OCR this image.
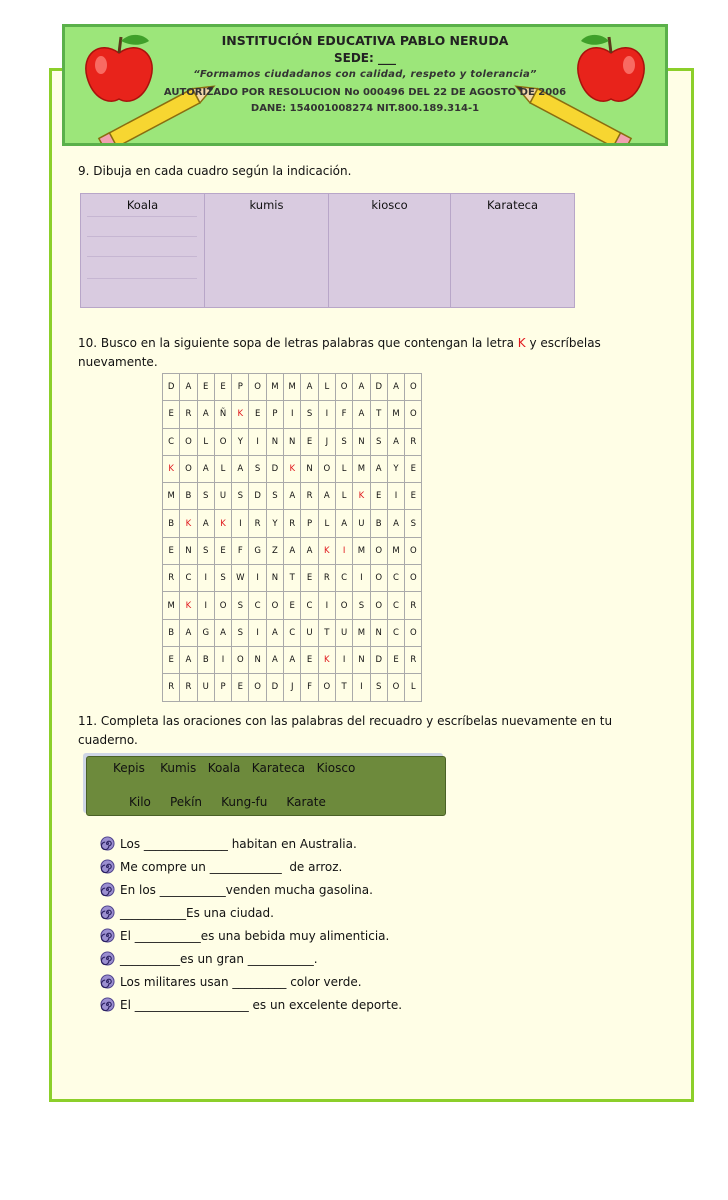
INSTITUCIÓN EDUCATIVA PABLO NERUDA
SEDE: ___
“Formamos ciudadanos con calidad, respeto y tolerancia”
AUTORIZADO POR RESOLUCION No 000496 DEL 22 DE AGOSTO DE 2006
DANE: 154001008274 NIT.800.189.314-1
9. Dibuja en cada cuadro según la indicación.
Koala	kumis	kiosco	Karateca
10. Busco en la siguiente sopa de letras palabras que contengan la letra K y escríbelas nuevamente.
D	A	E	E	P	O	M	M	A	L	O	A	D	A	O
E	R	A	Ñ	K	E	P	I	S	I	F	A	T	M	O
C	O	L	O	Y	I	N	N	E	J	S	N	S	A	R
K	O	A	L	A	S	D	K	N	O	L	M	A	Y	E
M	B	S	U	S	D	S	A	R	A	L	K	E	I	E
B	K	A	K	I	R	Y	R	P	L	A	U	B	A	S
E	N	S	E	F	G	Z	A	A	K	I	M	O	M	O
R	C	I	S	W	I	N	T	E	R	C	I	O	C	O
M	K	I	O	S	C	O	E	C	I	O	S	O	C	R
B	A	G	A	S	I	A	C	U	T	U	M	N	C	O
E	A	B	I	O	N	A	A	E	K	I	N	D	E	R
R	R	U	P	E	O	D	J	F	O	T	I	S	O	L
11. Completa las oraciones con las palabras del recuadro y escríbelas nuevamente en tu cuaderno.
Kepis    Kumis   Koala   Karateca   Kiosco
Kilo     Pekín     Kung-fu     Karate
Los ______________ habitan en Australia.
Me compre un ____________  de arroz.
En los ___________venden mucha gasolina.
___________Es una ciudad.
El ___________es una bebida muy alimenticia.
__________es un gran ___________.
Los militares usan _________ color verde.
El ___________________ es un excelente deporte.
